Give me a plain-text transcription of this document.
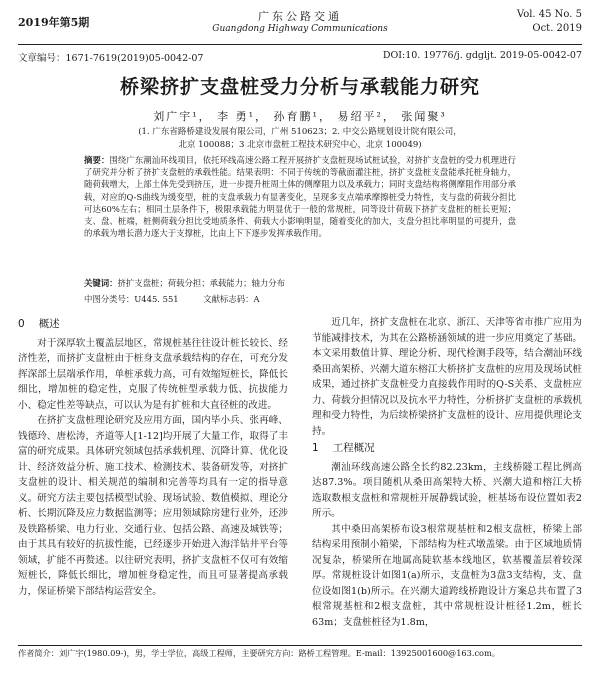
2019年第5期	广东公路交通
Guangdong Highway Communications
Vol. 45 No. 5
Oct. 2019
文章编号：1671-7619(2019)05-0042-07	DOI:10. 19776/j. gdgljt. 2019-05-0042-07
桥梁挤扩支盘桩受力分析与承载能力研究
刘广宇¹， 李 勇¹， 孙育鹏¹， 易绍平²， 张闻聚³
(1. 广东省路桥建设发展有限公司，广州 510623；2. 中交公路规划设计院有限公司，
北京 100088；3 北京市盘桩工程技术研究中心，北京 100049)
摘要：围绕广东潮汕环线项目，依托环线高速公路工程开展挤扩支盘桩现场试桩试验，对挤扩支盘桩的受力机理进行了研究并分析了挤扩支盘桩的承载性能。结果表明：不同于传统的等截面灌注桩，挤扩支盘桩支盘能承托桩身轴力，随荷载增大，上部土体先受到挤压，进一步提升桩周土体的侧摩阻力以及承载力；同时支盘结构将侧摩阻作用部分承载，对应的Q-S曲线为缓变型，桩的支盘承载力有显著变化，呈现多支点端承摩擦桩受力特性，支与盘的荷载分担比可达60%左右；相同土层条件下，极限承载能力明显优于一般的常规桩，同等设计荷载下挤扩支盘桩的桩长更短；支、盘、桩端，桩侧荷载分担比受地质条件、荷载大小影响明显，随着变化的加大，支盘分担比率明显的可提升，盘的承载为增长潜力逐大于支撑桩，比由上下下逐步发挥承载作用。
关键词：挤扩支盘桩；荷载分担；承载能力；轴力分布
中图分类号：U445. 551	文献标志码：A
0 概述

对于深厚软土覆盖层地区，常规桩基往往设计桩长较长、经济性差，而挤扩支盘桩由于桩身支盘承载结构的存在，可充分发挥深部土层端承作用，单桩承载力高，可有效缩短桩长，降低长细比，增加桩的稳定性，克服了传统桩型承载力低、抗拔能力小、稳定性差等缺点，可以认为是有扩桩和大直径桩的改进。

在挤扩支盘桩理论研究及应用方面，国内毕小兵、张再峰、钱德玲、唐松涛，齐道等人[1-12]均开展了大量工作，取得了丰富的研究成果。具体研究领域包括承载机理、沉降计算、优化设计、经济效益分析、施工技术、检测技术、装备研发等，对挤扩支盘桩的设计、相关规范的编制和完善等均具有一定的指导意义。研究方法主要包括模型试验、现场试验、数值模拟、理论分析、长期沉降及应力数据监测等；应用领域除房建行业外，还涉及铁路桥梁、电力行业、交通行业、包括公路、高速及城铁等；由于其具有较好的抗拔性能，已经逐步开始进入海洋钻井平台等领域，扩能不再赘述。以往研究表明，挤扩支盘桩不仅可有效缩短桩长，降低长细比，增加桩身稳定性，而且可显著提高承载力，保证桥梁下部结构运营安全。

近几年，挤扩支盘桩在北京、浙江、天津等省市推广应用为节能减排技术，为其在公路桥涵领域的进一步应用奠定了基础。本文采用数值计算、理论分析、现代检测手段等，结合潮汕环线桑田高架桥、兴潮大道东榕江大桥挤扩支盘桩的应用及现场试桩成果，通过挤扩支盘桩受力直接载作用时的Q-S关系、支盘桩应力、荷载分担情况以及抗水平力特性，分析挤扩支盘桩的承载机理和受力特性，为后续桥梁挤扩支盘桩的设计、应用提供理论支持。

1 工程概况

潮汕环线高速公路全长约82.23km，主线桥隧工程比例高达87.3%。项目随机从桑田高架特大桥、兴潮大道和榕江大桥选取数根支盘桩和常规桩开展静载试验，桩基场布设位置如表2所示。

其中桑田高架桥布设3根常规基桩和2根支盘桩，桥梁上部结构采用预制小箱梁，下部结构为柱式墩盖梁。由于区域地质情况复杂，桥梁所在地属高陡软基本线地区，软基覆盖层着较深厚。常规桩设计如图1(a)所示，支盘桩为3盘3支结构，支、盘位设如图1(b)所示。在兴潮大道跨线桥跑设计方案总共布置了3根常规基桩和2根支盘桩，其中常规桩设计桩径1.2m，桩长63m；支盘桩桩径为1.8m，

作者简介：刘广宇(1980.09-)，男，学士学位，高级工程师，主要研究方向：路桥工程管理。E-mail：13925001600@163.com。
